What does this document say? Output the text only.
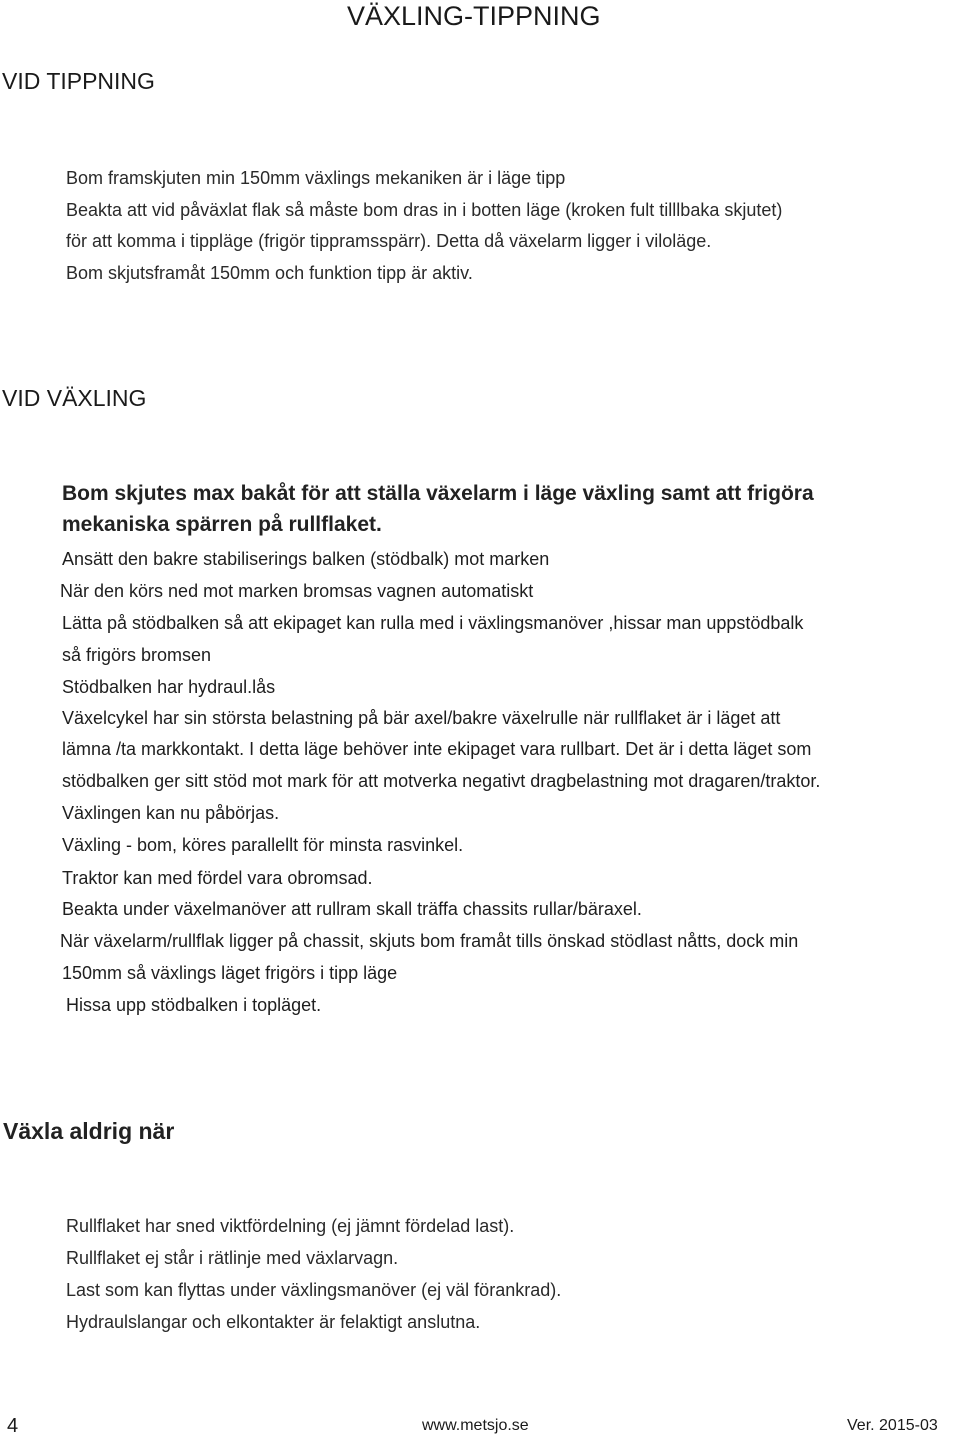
VÄXLING-TIPPNING
VID TIPPNING
Bom framskjuten min 150mm växlings mekaniken är i läge tipp
Beakta att vid påväxlat flak så måste bom dras in i botten läge (kroken fult tilllbaka skjutet)
för att komma i tippläge (frigör tippramsspärr). Detta då växelarm ligger i viloläge.
Bom skjutsframåt 150mm och funktion tipp är aktiv.
VID VÄXLING
Bom skjutes max bakåt för att ställa växelarm i läge växling samt att frigöra
mekaniska spärren på rullflaket.
Ansätt den bakre stabiliserings balken (stödbalk) mot marken
När den körs ned mot marken bromsas vagnen automatiskt
Lätta på stödbalken så att ekipaget kan rulla med i växlingsmanöver ,hissar man uppstödbalk
så frigörs bromsen
Stödbalken har hydraul.lås
Växelcykel har sin största belastning på bär axel/bakre växelrulle när rullflaket är i läget att
lämna /ta markkontakt. I detta läge behöver inte ekipaget vara rullbart. Det är i detta läget som
stödbalken ger sitt stöd mot mark för att motverka negativt dragbelastning mot dragaren/traktor.
Växlingen kan nu påbörjas.
Växling - bom, köres parallellt för minsta rasvinkel.
Traktor kan med fördel vara obromsad.
Beakta under växelmanöver att rullram skall träffa chassits rullar/bäraxel.
När växelarm/rullflak ligger på chassit, skjuts bom framåt tills önskad stödlast nåtts, dock min
150mm så växlings läget frigörs i tipp läge
Hissa upp stödbalken i topläget.
Växla aldrig när
Rullflaket har sned viktfördelning (ej jämnt fördelad last).
Rullflaket ej står i rätlinje med växlarvagn.
Last som kan flyttas under växlingsmanöver (ej väl förankrad).
Hydraulslangar och elkontakter är felaktigt anslutna.
4	www.metsjo.se	Ver. 2015-03
